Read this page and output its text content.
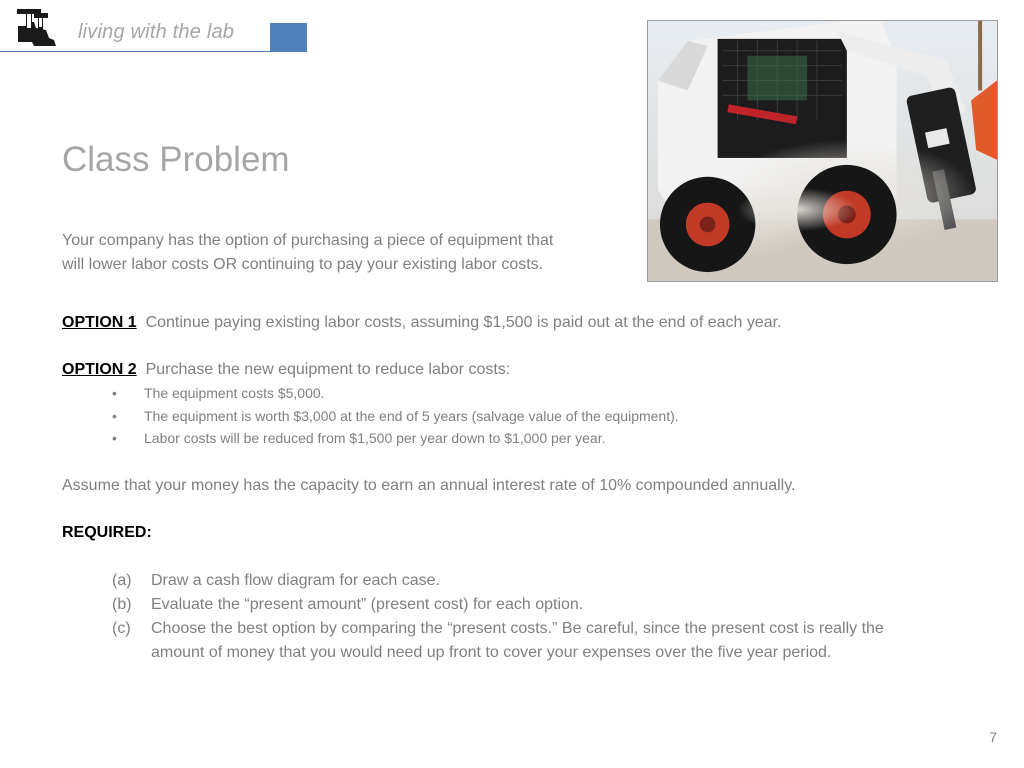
living with the lab
Class Problem
Your company has the option of purchasing a piece of equipment that
will lower labor costs OR continuing to pay your existing labor costs.
OPTION 1 Continue paying existing labor costs, assuming $1,500 is paid out at the end of each year.
OPTION 2 Purchase the new equipment to reduce labor costs:
• The equipment costs $5,000.
• The equipment is worth $3,000 at the end of 5 years (salvage value of the equipment).
• Labor costs will be reduced from $1,500 per year down to $1,000 per year.
Assume that your money has the capacity to earn an annual interest rate of 10% compounded annually.
REQUIRED:
(a) Draw a cash flow diagram for each case.
(b) Evaluate the “present amount” (present cost) for each option.
(c) Choose the best option by comparing the “present costs.” Be careful, since the present cost is really the amount of money that you would need up front to cover your expenses over the five year period.
7
